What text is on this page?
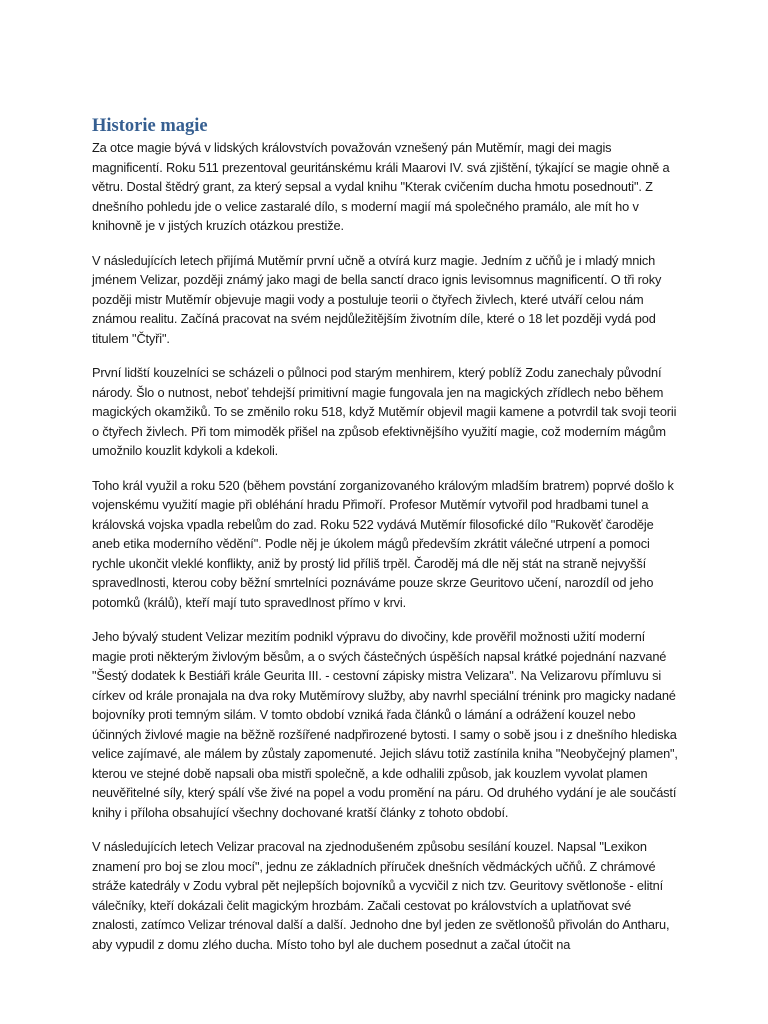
Historie magie

Za otce magie bývá v lidských královstvích považován vznešený pán Mutěmír, magi dei magis magnificentí. Roku 511 prezentoval geuritánskému králi Maarovi IV. svá zjištění, týkající se magie ohně a větru. Dostal štědrý grant, za který sepsal a vydal knihu "Kterak cvičením ducha hmotu posednouti". Z dnešního pohledu jde o velice zastaralé dílo, s moderní magií má společného pramálo, ale mít ho v knihovně je v jistých kruzích otázkou prestiže.

V následujících letech přijímá Mutěmír první učně a otvírá kurz magie. Jedním z učňů je i mladý mnich jménem Velizar, později známý jako magi de bella sanctí draco ignis levisomnus magnificentí. O tři roky později mistr Mutěmír objevuje magii vody a postuluje teorii o čtyřech živlech, které utváří celou nám známou realitu. Začíná pracovat na svém nejdůležitějším životním díle, které o 18 let později vydá pod titulem "Čtyři".

První lidští kouzelníci se scházeli o půlnoci pod starým menhirem, který poblíž Zodu zanechaly původní národy. Šlo o nutnost, neboť tehdejší primitivní magie fungovala jen na magických zřídlech nebo během magických okamžiků. To se změnilo roku 518, když Mutěmír objevil magii kamene a potvrdil tak svoji teorii o čtyřech živlech. Při tom mimoděk přišel na způsob efektivnějšího využití magie, což moderním mágům umožnilo kouzlit kdykoli a kdekoli.

Toho král využil a roku 520 (během povstání zorganizovaného královým mladším bratrem) poprvé došlo k vojenskému využití magie při obléhání hradu Přimoří. Profesor Mutěmír vytvořil pod hradbami tunel a královská vojska vpadla rebelům do zad. Roku 522 vydává Mutěmír filosofické dílo "Rukověť čaroděje aneb etika moderního vědění". Podle něj je úkolem mágů především zkrátit válečné utrpení a pomoci rychle ukončit vleklé konflikty, aniž by prostý lid příliš trpěl. Čaroděj má dle něj stát na straně nejvyšší spravedlnosti, kterou coby běžní smrtelníci poznáváme pouze skrze Geuritovo učení, narozdíl od jeho potomků (králů), kteří mají tuto spravedlnost přímo v krvi.

Jeho bývalý student Velizar mezitím podnikl výpravu do divočiny, kde prověřil možnosti užití moderní magie proti některým živlovým běsům, a o svých částečných úspěších napsal krátké pojednání nazvané "Šestý dodatek k Bestiáři krále Geurita III. - cestovní zápisky mistra Velizara". Na Velizarovu přímluvu si církev od krále pronajala na dva roky Mutěmírovy služby, aby navrhl speciální trénink pro magicky nadané bojovníky proti temným silám. V tomto období vzniká řada článků o lámání a odrážení kouzel nebo účinných živlové magie na běžně rozšířené nadpřirozené bytosti. I samy o sobě jsou i z dnešního hlediska velice zajímavé, ale málem by zůstaly zapomenuté. Jejich slávu totiž zastínila kniha "Neobyčejný plamen", kterou ve stejné době napsali oba mistři společně, a kde odhalili způsob, jak kouzlem vyvolat plamen neuvěřitelné síly, který spálí vše živé na popel a vodu promění na páru. Od druhého vydání je ale součástí knihy i příloha obsahující všechny dochované kratší články z tohoto období.

V následujících letech Velizar pracoval na zjednodušeném způsobu sesílání kouzel. Napsal "Lexikon znamení pro boj se zlou mocí", jednu ze základních příruček dnešních vědmáckých učňů. Z chrámové stráže katedrály v Zodu vybral pět nejlepších bojovníků a vycvičil z nich tzv. Geuritovy světlonoše - elitní válečníky, kteří dokázali čelit magickým hrozbám. Začali cestovat po královstvích a uplatňovat své znalosti, zatímco Velizar trénoval další a další. Jednoho dne byl jeden ze světlonošů přivolán do Antharu, aby vypudil z domu zlého ducha. Místo toho byl ale duchem posednut a začal útočit na
